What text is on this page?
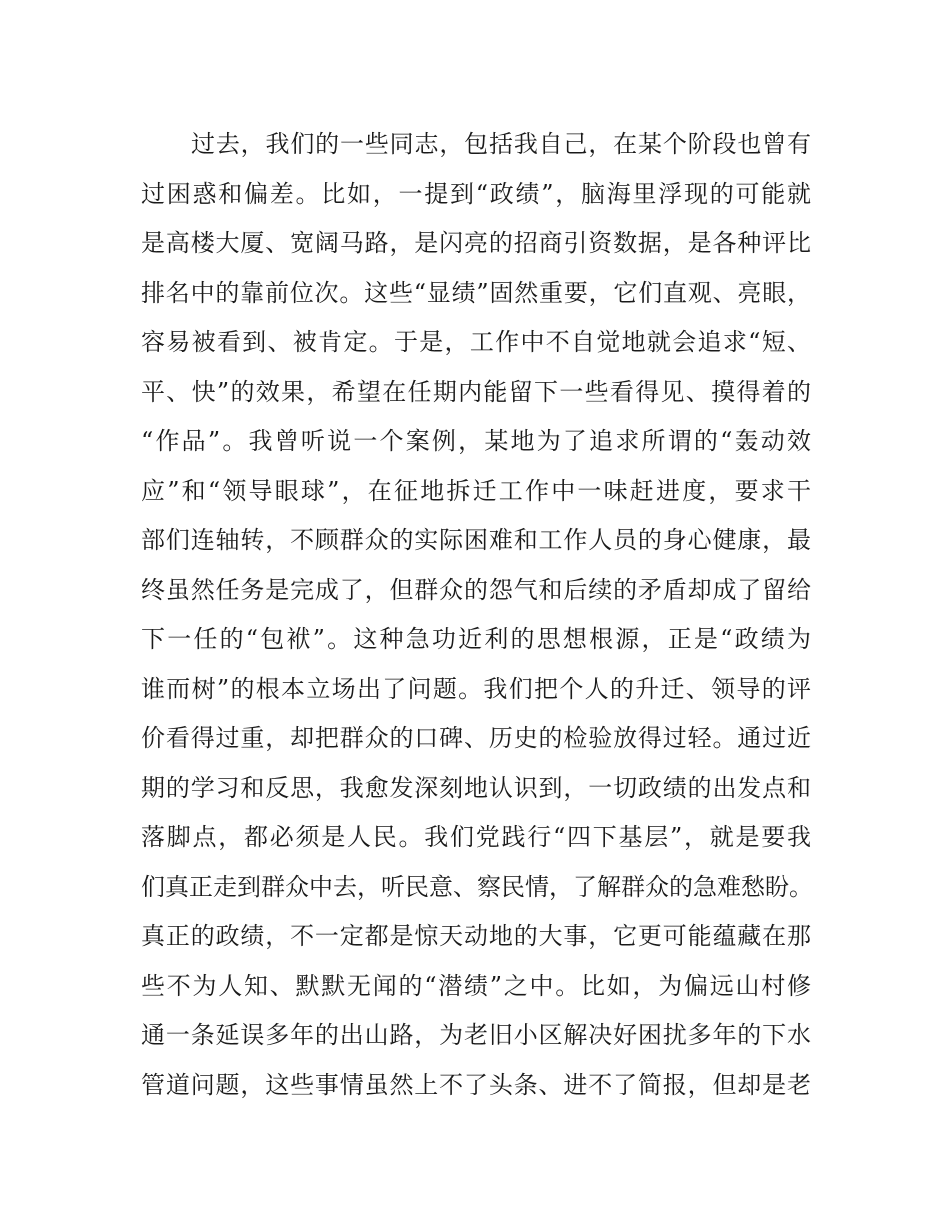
过去，我们的一些同志，包括我自己，在某个阶段也曾有
过困惑和偏差。比如，一提到“政绩”，脑海里浮现的可能就
是高楼大厦、宽阔马路，是闪亮的招商引资数据，是各种评比
排名中的靠前位次。这些“显绩”固然重要，它们直观、亮眼，
容易被看到、被肯定。于是，工作中不自觉地就会追求“短、
平、快”的效果，希望在任期内能留下一些看得见、摸得着的
“作品”。我曾听说一个案例，某地为了追求所谓的“轰动效
应”和“领导眼球”，在征地拆迁工作中一味赶进度，要求干
部们连轴转，不顾群众的实际困难和工作人员的身心健康，最
终虽然任务是完成了，但群众的怨气和后续的矛盾却成了留给
下一任的“包袱”。这种急功近利的思想根源，正是“政绩为
谁而树”的根本立场出了问题。我们把个人的升迁、领导的评
价看得过重，却把群众的口碑、历史的检验放得过轻。通过近
期的学习和反思，我愈发深刻地认识到，一切政绩的出发点和
落脚点，都必须是人民。我们党践行“四下基层”，就是要我
们真正走到群众中去，听民意、察民情，了解群众的急难愁盼。
真正的政绩，不一定都是惊天动地的大事，它更可能蕴藏在那
些不为人知、默默无闻的“潜绩”之中。比如，为偏远山村修
通一条延误多年的出山路，为老旧小区解决好困扰多年的下水
管道问题，这些事情虽然上不了头条、进不了简报，但却是老
